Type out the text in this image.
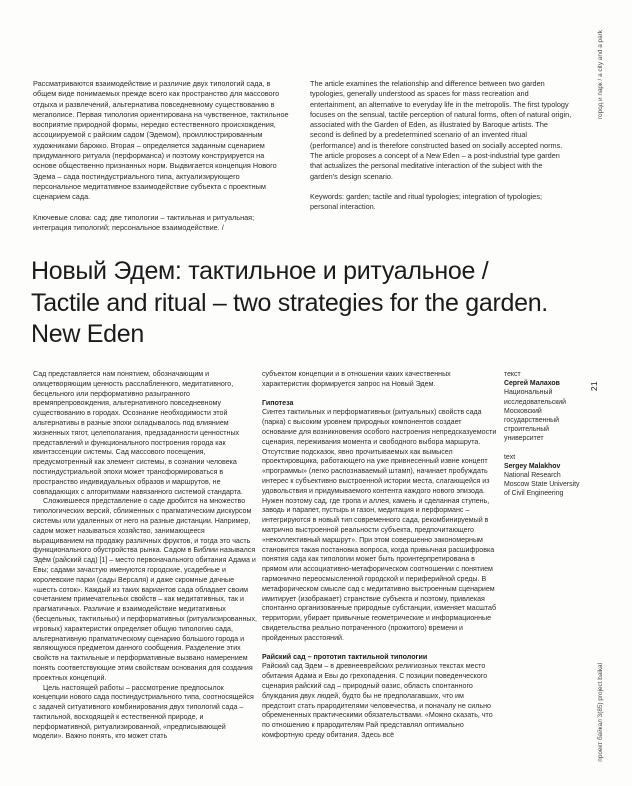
Рассматриваются взаимодействие и различие двух типологий сада, в общем виде понимаемых прежде всего как пространство для массового отдыха и развлечений, альтернатива повседневному существованию в мегаполисе. Первая типология ориентирована на чувственное, тактильное восприятие природной формы, нередко естественного происхождения, ассоциируемой с райским садом (Эдемом), проиллюстрированным художниками барокко. Вторая – определяется заданным сценарием придуманного ритуала (перформанса) и поэтому конструируется на основе общественно признанных норм. Выдвигается концепция Нового Эдема – сада постиндустриального типа, актуализирующего персональное медитативное взаимодействие субъекта с проектным сценарием сада.

Ключевые слова: сад; две типологии – тактильная и ритуальная; интеграция типологий; персональное взаимодействие. /

The article examines the relationship and difference between two garden typologies, generally understood as spaces for mass recreation and entertainment, an alternative to everyday life in the metropolis. The first typology focuses on the sensual, tactile perception of natural forms, often of natural origin, associated with the Garden of Eden, as illustrated by Baroque artists. The second is defined by a predetermined scenario of an invented ritual (performance) and is therefore constructed based on socially accepted norms. The article proposes a concept of a New Eden – a post-industrial type garden that actualizes the personal meditative interaction of the subject with the garden's design scenario.

Keywords: garden; tactile and ritual typologies; integration of typologies; personal interaction.

Новый Эдем: тактильное и ритуальное /
Tactile and ritual – two strategies for the garden.
New Eden

Сад представляется нам понятием, обозначающим и олицетворяющим ценность расслабленного, медитативного, бесцельного или перформативно разыгранного времяпрепровождения, альтернативного повседневному существованию в городах. Осознание необходимости этой альтернативы в разные эпохи складывалось под влиянием жизненных тягот, целеполагания, предзаданности ценностных представлений и функционального построения города как квинтэссенции системы. Сад массового посещения, предусмотренный как элемент системы, в сознании человека постиндустриальной эпохи может трансформироваться в пространство индивидуальных образов и маршрутов, не совпадающих с алгоритмами навязанного системой стандарта.

Сложившееся представление о саде дробится на множество типологических версий, сближенных с прагматическим дискурсом системы или удаленных от него на разные дистанции. Например, садом может называться хозяйство, занимающееся выращиванием на продажу различных фруктов, и тогда это часть функционального обустройства рынка. Садом в Библии назывался Эдём (райский сад) [1] – место первоначального обитания Адама и Евы; садами зачастую именуются городские, усадебные и королевские парки (сады Версаля) и даже скромные дачные «шесть соток». Каждый из таких вариантов сада обладает своим сочетанием примечательных свойств – как медитативных, так и прагматичных. Различие и взаимодействие медитативных (бесцельных, тактильных) и перформативных (ритуализированных, игровых) характеристик определяет общую типологию сада, альтернативную прагматическому сценарию большого города и являющуюся предметом данного сообщения. Разделение этих свойств на тактильные и перформативные вызвано намерением понять соответствующие этим свойствам основания для создания проектных концепций.

Цель настоящей работы – рассмотрение предпосылок концепции нового сада постиндустриального типа, соотносящейся с задачей ситуативного комбинирования двух типологий сада – тактильной, восходящей к естественной природе, и перформативной, ритуализированной, «предписывающей модели». Важно понять, кто может стать

субъектом концепции и в отношении каких качественных характеристик формируется запрос на Новый Эдем.

Гипотеза

Синтез тактильных и перформативных (ритуальных) свойств сада (парка) с высоким уровнем природных компонентов создает основание для возникновения особого настроения непредсказуемости сценария, переживания момента и свободного выбора маршрута. Отсутствие подсказок, явно прочитываемых как вымысел проектировщика, работающего на уже привнесенный извне концепт «программы» (легко распознаваемый штамп), начинает пробуждать интерес к субъективно выстроенной истории места, слагающейся из удовольствия и придумываемого контента каждого нового эпизода. Нужен поэтому сад, где тропа и аллея, камень и сделанная ступень, заводь и парапет, пустырь и газон, медитация и перформанс – интегрируются в новый тип современного сада, рекомбинируемый в матрично выстроенной реальности субъекта, предпочитающего «неколлективный маршрут». При этом совершенно закономерным становится такая постановка вопроса, когда привычная расшифровка понятия сада как типологии может быть проинтерпретирована в прямом или ассоциативно-метафорическом соотношении с понятием гармонично переосмысленной городской и периферийной среды. В метафорическом смысле сад с медитативно выстроенным сценарием имитирует (изображает) странствие субъекта и поэтому, привлекая спонтанно организованные природные субстанции, изменяет масштаб территории, убирает привычные геометрические и информационные свидетельства реально потраченного (прожитого) времени и пройденных расстояний.

Райский сад – прототип тактильной типологии

Райский сад Эдем – в древнееврейских религиозных текстах место обитания Адама и Евы до грехопадения. С позиции поведенческого сценария райский сад – природный оазис, область спонтанного блуждания двух людей, будто бы не предполагавших, что им предстоит стать прародителями человечества, и поначалу не сильно обремененных практическими обязательствами. «Можно сказать, что по отношению к прародителям Рай представлял оптимально комфортную среду обитания. Здесь всё

текст

Сергей Малахов

Национальный исследовательский Московский государственный строительный университет

text

Sergey Malakhov

National Research Moscow State University of Civil Engineering

город и парк / a city and a park
21
проект байкал 3(85) project baikal
